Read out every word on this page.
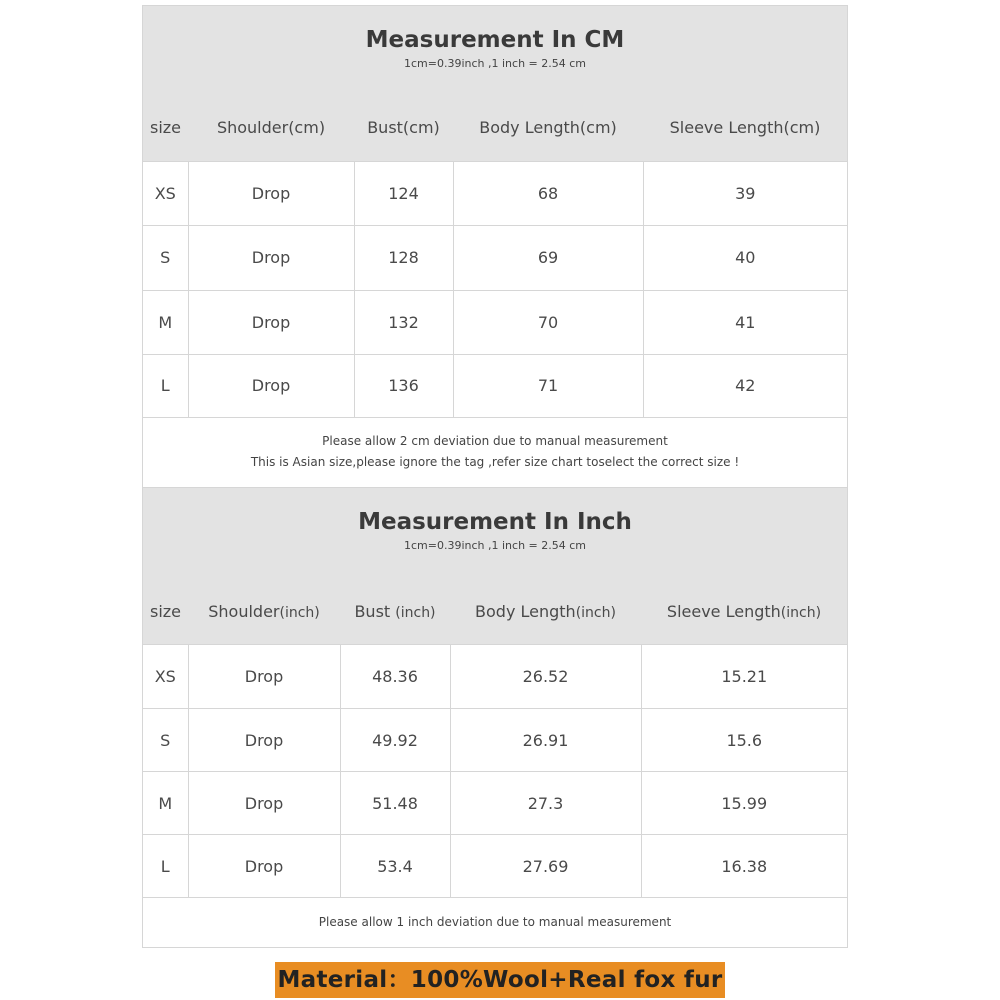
Measurement In CM
1cm=0.39inch ,1 inch = 2.54 cm
size	Shoulder(cm)	Bust(cm)	Body Length(cm)	Sleeve Length(cm)
XS	Drop	124	68	39
S	Drop	128	69	40
M	Drop	132	70	41
L	Drop	136	71	42
Please allow 2 cm deviation due to manual measurement
This is Asian size,please ignore the tag ,refer size chart toselect the correct size !
Measurement In Inch
1cm=0.39inch ,1 inch = 2.54 cm
size	Shoulder(inch)	Bust (inch)	Body Length(inch)	Sleeve Length(inch)
XS	Drop	48.36	26.52	15.21
S	Drop	49.92	26.91	15.6
M	Drop	51.48	27.3	15.99
L	Drop	53.4	27.69	16.38
Please allow 1 inch deviation due to manual measurement
Material：100%Wool+Real fox fur
